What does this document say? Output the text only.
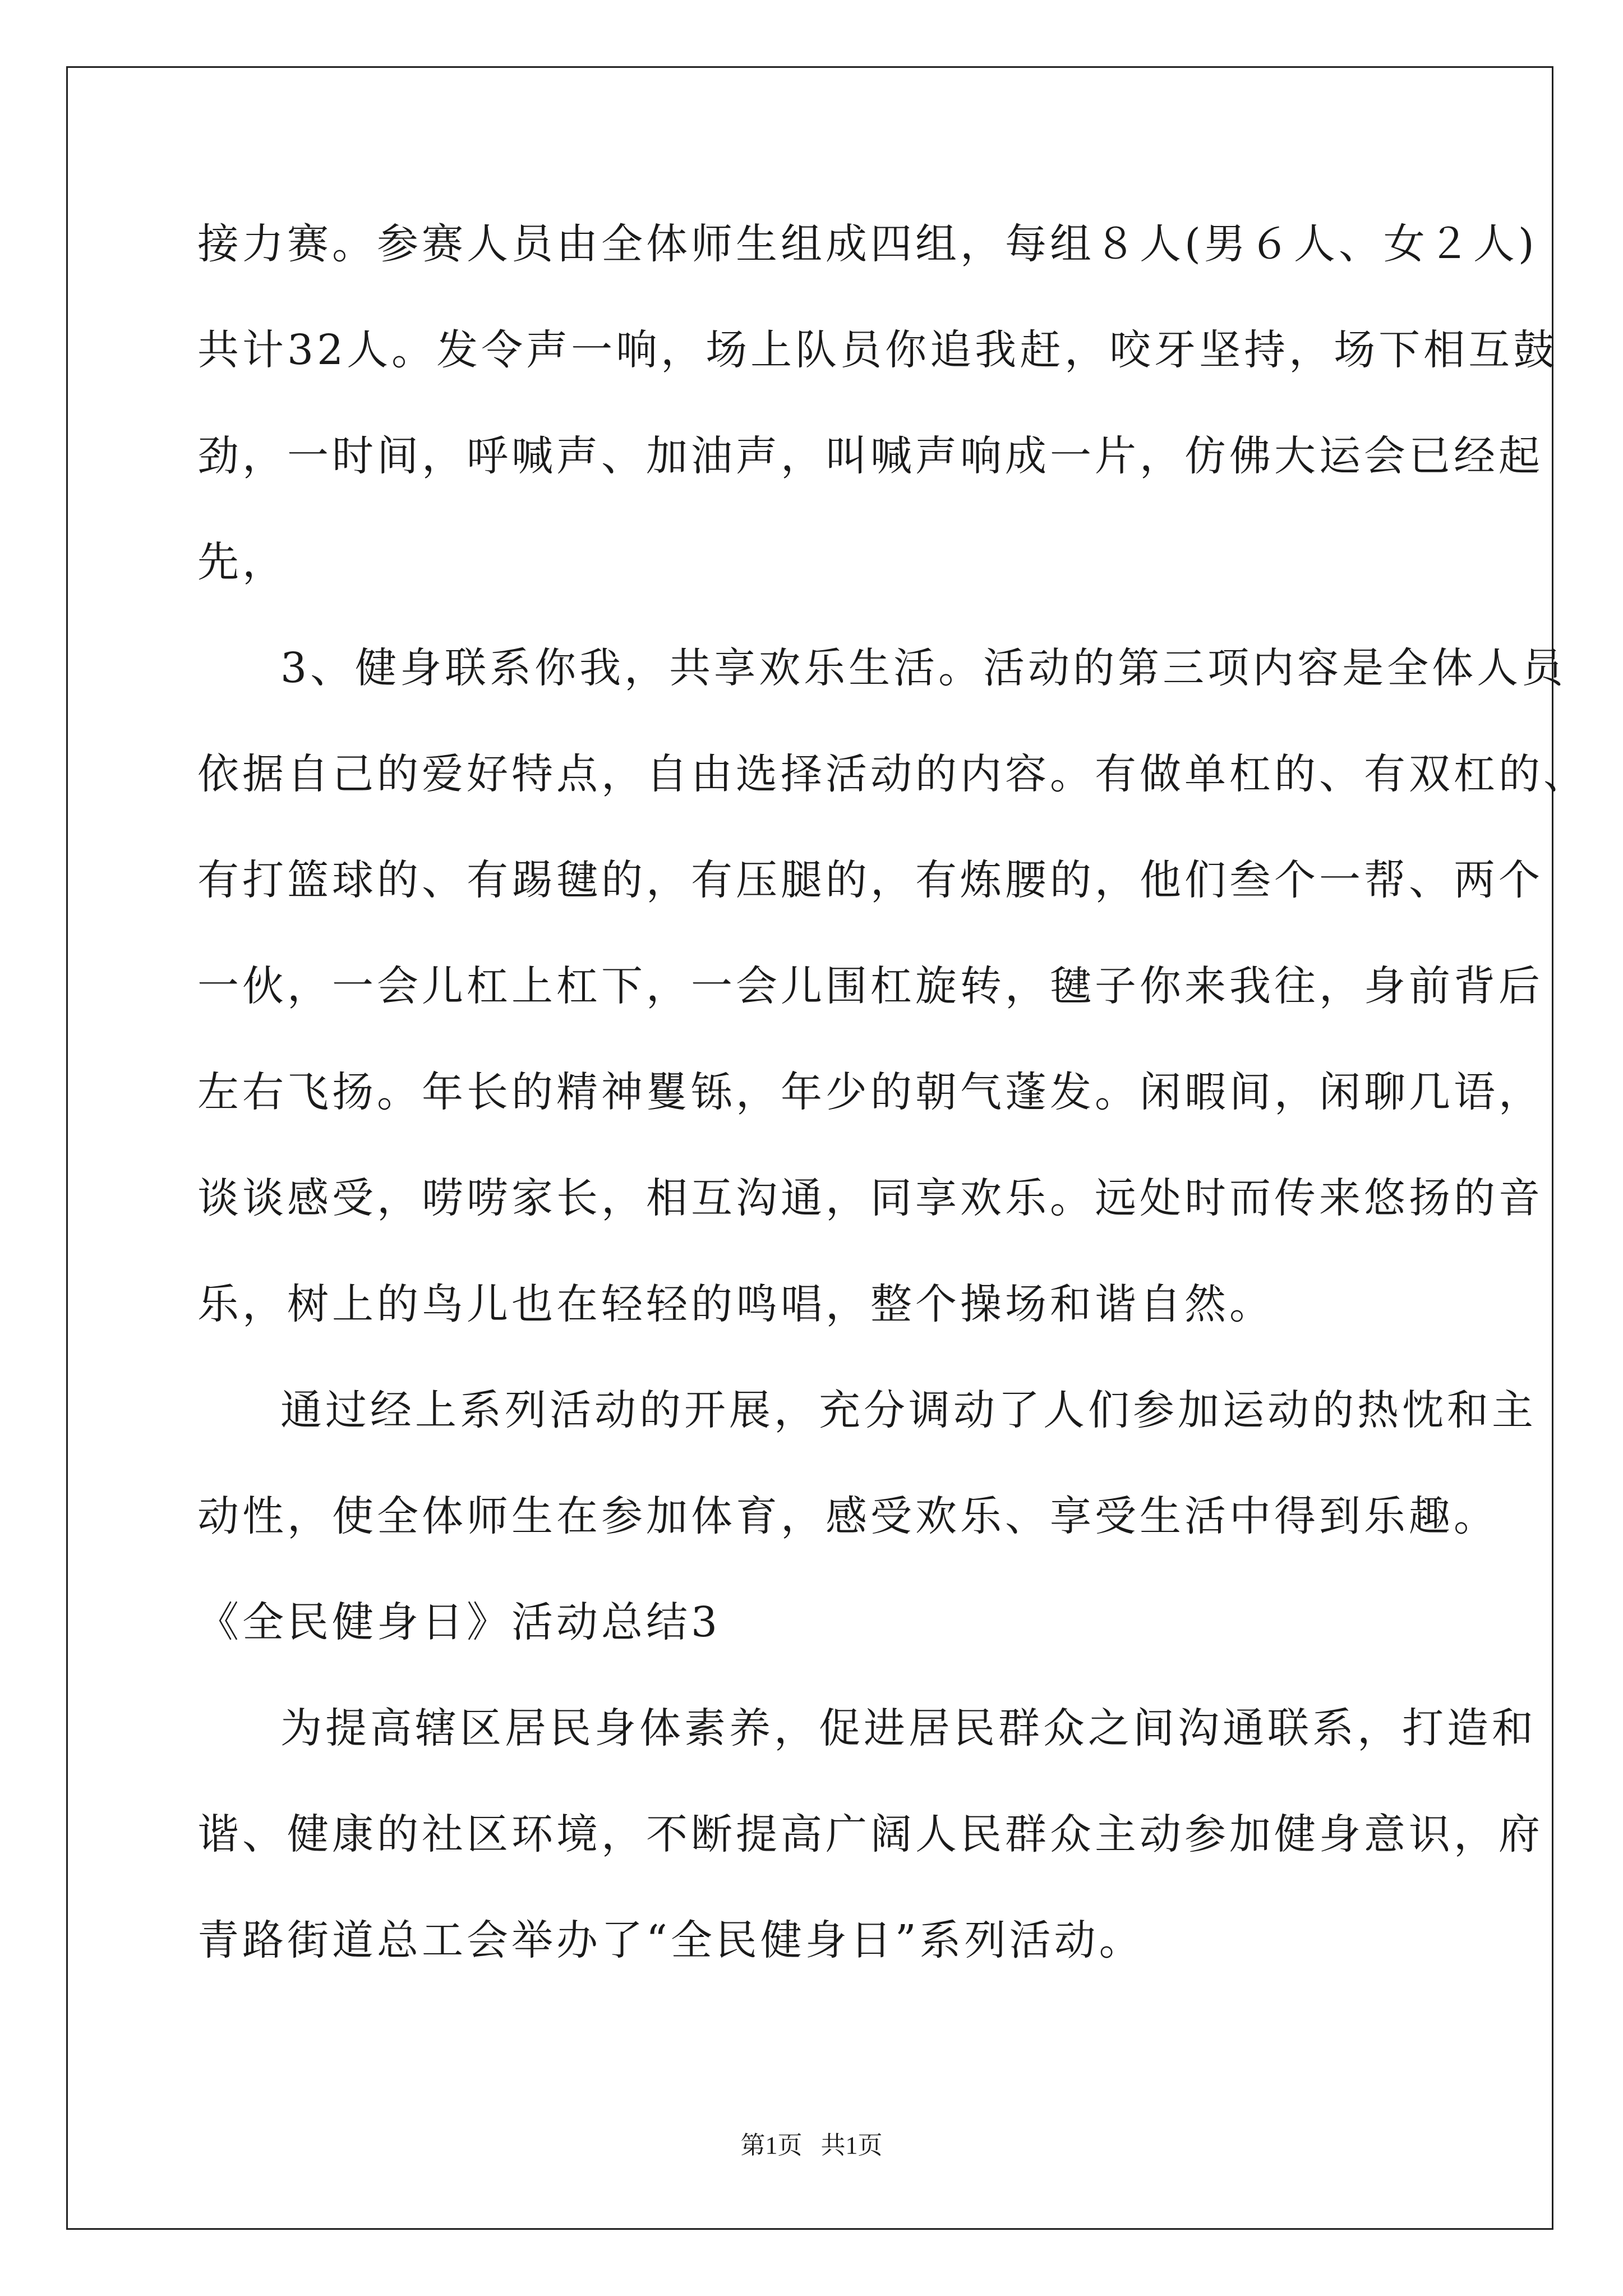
接力赛。参赛人员由全体师生组成四组，每组８人(男６人、女２人)
共计32人。发令声一响，场上队员你追我赶，咬牙坚持，场下相互鼓
劲，一时间，呼喊声、加油声，叫喊声响成一片，仿佛大运会已经起
先，
3、健身联系你我，共享欢乐生活。活动的第三项内容是全体人员
依据自己的爱好特点，自由选择活动的内容。有做单杠的、有双杠的、
有打篮球的、有踢毽的，有压腿的，有炼腰的，他们叁个一帮、两个
一伙，一会儿杠上杠下，一会儿围杠旋转，毽子你来我往，身前背后
左右飞扬。年长的精神矍铄，年少的朝气蓬发。闲暇间，闲聊几语，
谈谈感受，唠唠家长，相互沟通，同享欢乐。远处时而传来悠扬的音
乐，树上的鸟儿也在轻轻的鸣唱，整个操场和谐自然。
通过经上系列活动的开展，充分调动了人们参加运动的热忱和主
动性，使全体师生在参加体育，感受欢乐、享受生活中得到乐趣。
《全民健身日》活动总结3
为提高辖区居民身体素养，促进居民群众之间沟通联系，打造和
谐、健康的社区环境，不断提高广阔人民群众主动参加健身意识，府
青路街道总工会举办了“全民健身日”系列活动。
第1页   共1页
